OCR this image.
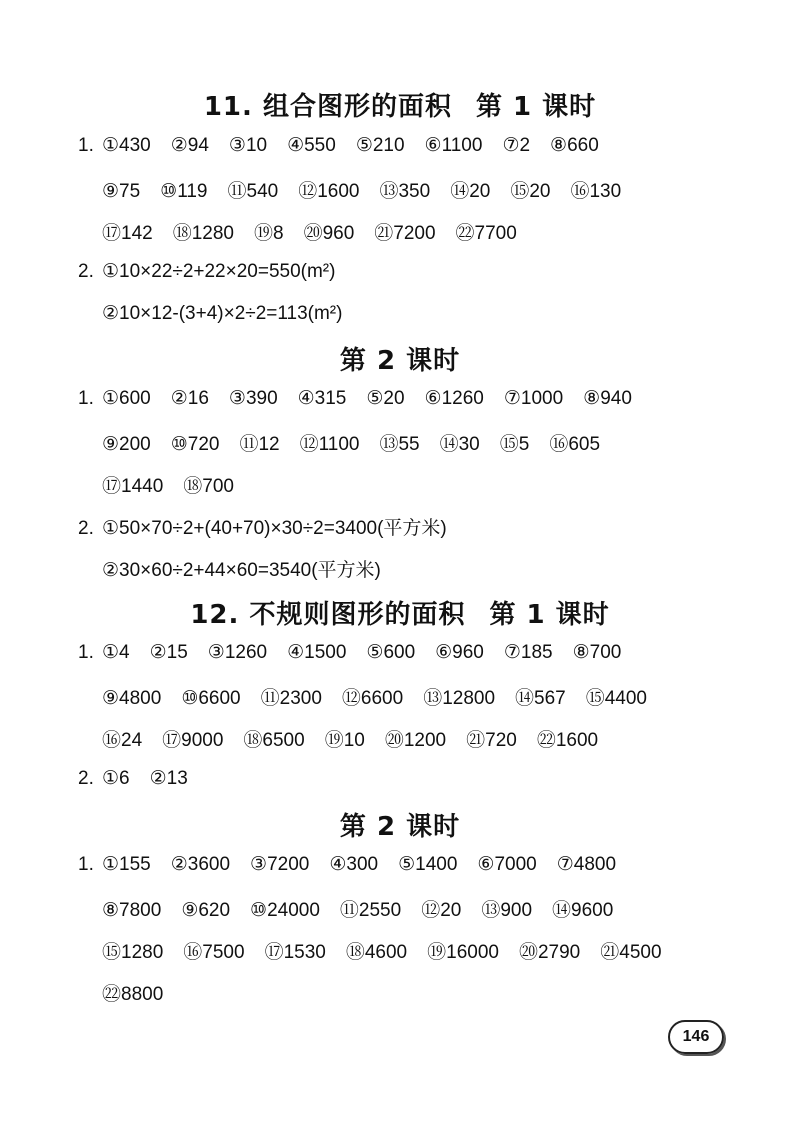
11. 组合图形的面积 第 1 课时
1. ①430 ②94 ③10 ④550 ⑤210 ⑥1100 ⑦2 ⑧660
⑨75 ⑩119 ⑪540 ⑫1600 ⑬350 ⑭20 ⑮20 ⑯130
⑰142 ⑱1280 ⑲8 ⑳960 ㉑7200 ㉒7700
2. ①10×22÷2+22×20=550(m²)
②10×12-(3+4)×2÷2=113(m²)
第 2 课时
1. ①600 ②16 ③390 ④315 ⑤20 ⑥1260 ⑦1000 ⑧940
⑨200 ⑩720 ⑪12 ⑫1100 ⑬55 ⑭30 ⑮5 ⑯605
⑰1440 ⑱700
2. ①50×70÷2+(40+70)×30÷2=3400(平方米)
②30×60÷2+44×60=3540(平方米)
12. 不规则图形的面积 第 1 课时
1. ①4 ②15 ③1260 ④1500 ⑤600 ⑥960 ⑦185 ⑧700
⑨4800 ⑩6600 ⑪2300 ⑫6600 ⑬12800 ⑭567 ⑮4400
⑯24 ⑰9000 ⑱6500 ⑲10 ⑳1200 ㉑720 ㉒1600
2. ①6 ②13
第 2 课时
1. ①155 ②3600 ③7200 ④300 ⑤1400 ⑥7000 ⑦4800
⑧7800 ⑨620 ⑩24000 ⑪2550 ⑫20 ⑬900 ⑭9600
⑮1280 ⑯7500 ⑰1530 ⑱4600 ⑲16000 ⑳2790 ㉑4500
㉒8800
146
